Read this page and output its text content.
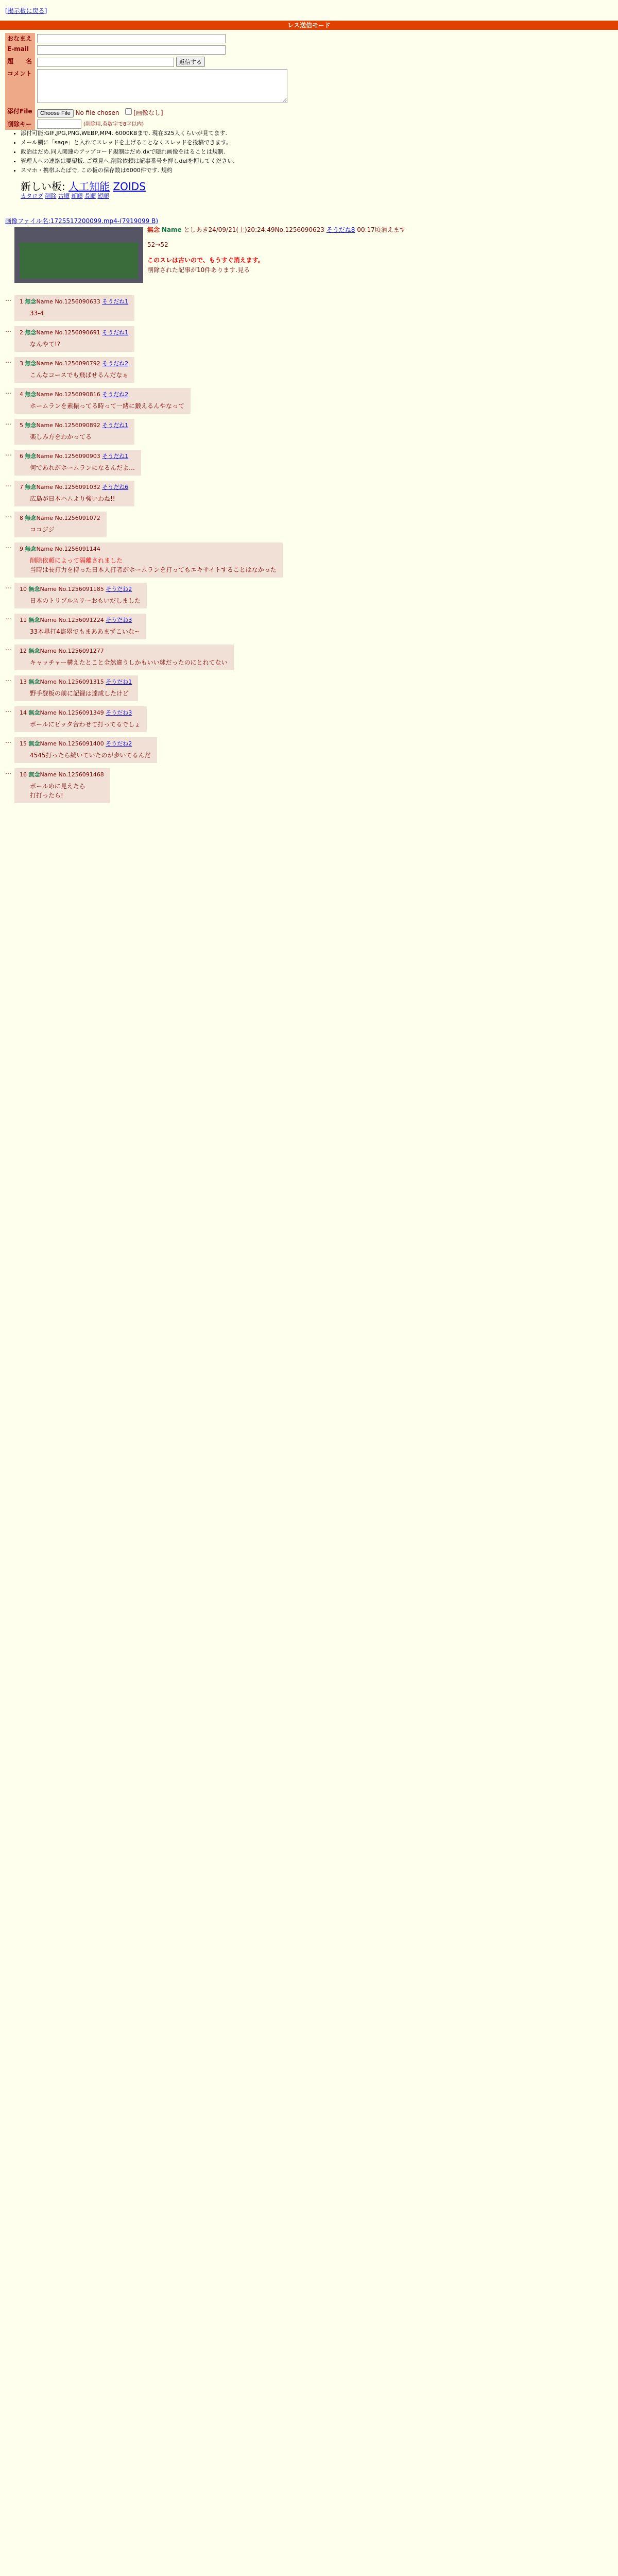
[掲示板に戻る]
レス送信モード
おなまえ	
E-mail	
題　　名	返信する
コメント	
添付File	Choose File No file chosen [画像なし]
削除キー	(削除用.英数字で8字以内)
• 添付可能:GIF,JPG,PNG,WEBP,MP4. 6000KBまで. 現在325人くらいが見てます.
• メール欄に「sage」と入れてスレッドを上げることなくスレッドを投稿できます。
• 政治はだめ.同人関連のアップロード規制はだめ.dxで隠れ画像をはることは規制.
• 管理人への連絡は要望板. ご意見へ.削除依頼は記事番号を押しdelを押してください.
• スマホ・携帯ふたばで, この板の保存数は6000件です. 規約
新しい板: 人工知能 ZOIDS
カタログ 削除 古順 新順 長順 短順
画像ファイル名:1725517200099.mp4-(7919099 B)
無念 Name としあき24/09/21(土)20:24:49No.1256090623 そうだね8 00:17頃消えます
52→52
このスレは古いので、もうすぐ消えます。
削除された記事が10件あります.見る
…	1 無念Name No.1256090633 そうだね1
33-4
…	2 無念Name No.1256090691 そうだね1
なんやて!?
…	3 無念Name No.1256090792 そうだね2
こんなコースでも飛ばせるんだなぁ
…	4 無念Name No.1256090816 そうだね2
ホームランを素振ってる時って一緒に鍛えるんやなって
…	5 無念Name No.1256090892 そうだね1
楽しみ方をわかってる
…	6 無念Name No.1256090903 そうだね1
何であれがホームランになるんだよ…
…	7 無念Name No.1256091032 そうだね6
広島が日本ハムより強いわね!!
…	8 無念Name No.1256091072
ココジジ
…	9 無念Name No.1256091144
削除依頼によって隔離されました
当時は長打力を持った日本人打者がホームランを打ってもエキサイトすることはなかった
…	10 無念Name No.1256091185 そうだね2
日本のトリプルスリーおもいだしました
…	11 無念Name No.1256091224 そうだね3
33本塁打4盗塁でもまああまずこいな~
…	12 無念Name No.1256091277
キャッチャー構えたとこと全然違うしかもいい球だったのにとれてない
…	13 無念Name No.1256091315 そうだね1
野手登板の前に記録は達成したけど
…	14 無念Name No.1256091349 そうだね3
ボールにピッタ合わせて打ってるでしょ
…	15 無念Name No.1256091400 そうだね2
4545打ったら続いていたのが歩いてるんだ
…	16 無念Name No.1256091468
ボールめに見えたら
打打ったら!
